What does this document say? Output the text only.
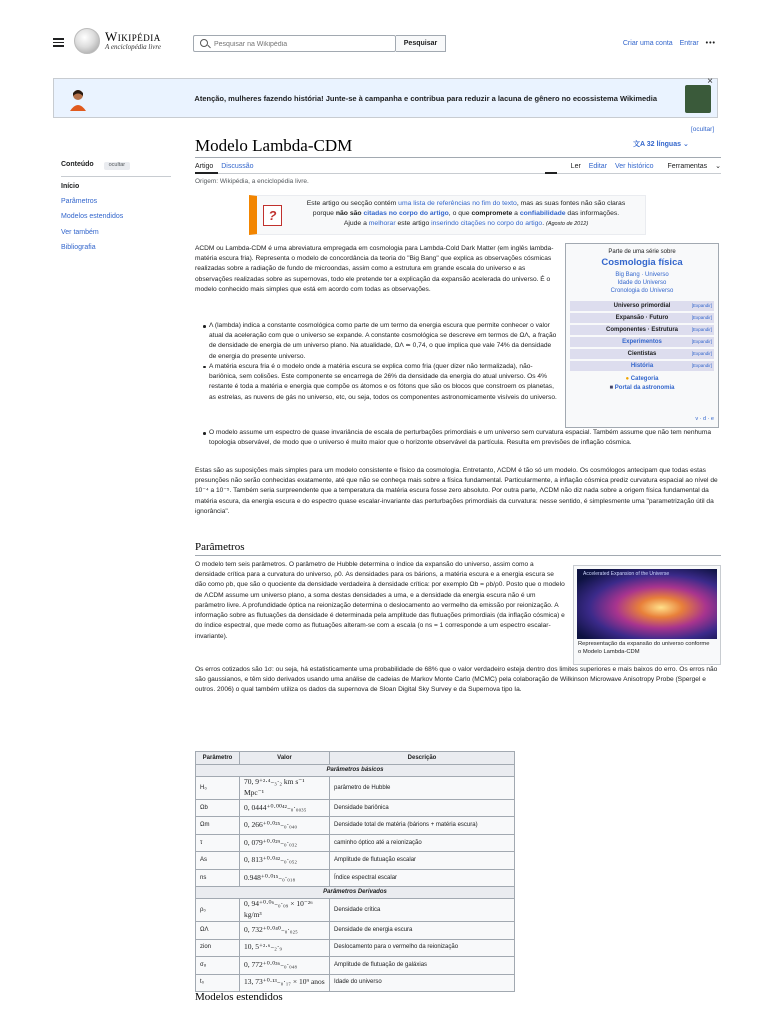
Wikipédia
A enciclopédia livre
Pesquisar na Wikipédia	Pesquisar	Criar uma conta Entrar •••
Atenção, mulheres fazendo história! Junte-se à campanha e contribua para reduzir a lacuna de gênero no ecossistema Wikimedia
×
Conteúdo	ocultar
Início
Parâmetros
Modelos estendidos
Ver também
Bibliografia
[ocultar]
Modelo Lambda-CDM	文A 32 línguas ⌄
Artigo Discussão	Ler Editar Ver histórico Ferramentas ⌄
Origem: Wikipédia, a enciclopédia livre.
?
Este artigo ou secção contém uma lista de referências no fim do texto, mas as suas fontes não são claras
porque não são citadas no corpo do artigo, o que compromete a confiabilidade das informações.
Ajude a melhorar este artigo inserindo citações no corpo do artigo. (Agosto de 2012)
Parte de uma série sobre
Cosmologia física
Big Bang · Universo
Idade do Universo
Cronologia do Universo
Universo primordial	[Expandir]
Expansão · Futuro	[Expandir]
Componentes · Estrutura	[Expandir]
Experimentos	[Expandir]
Cientistas	[Expandir]
História	[Expandir]
● Categoria
■ Portal da astronomia
v · d · e
ACDM ou Lambda-CDM é uma abreviatura empregada em cosmologia para Lambda-Cold Dark Matter (em inglês lambda-matéria escura fria). Representa o modelo de concordância da teoria do "Big Bang" que explica as observações cósmicas realizadas sobre a radiação de fundo de microondas, assim como a estrutura em grande escala do universo e as observações realizadas sobre as supernovas, todo ele pretende ter a explicação da expansão acelerada do universo. É o modelo conhecido mais simples que está em acordo com todas as observações.
Λ (lambda) indica a constante cosmológica como parte de um termo da energia escura que permite conhecer o valor atual da aceleração com que o universo se expande. A constante cosmológica se descreve em termos de ΩΛ, a fração de densidade de energia de um universo plano. Na atualidade, ΩΛ ≃ 0,74, o que implica que vale 74% da densidade de energia do presente universo.
A matéria escura fria é o modelo onde a matéria escura se explica como fria (quer dizer não termalizada), não-bariônica, sem colisões. Este componente se encarrega de 26% da densidade da energia do atual universo. Os 4% restante é toda a matéria e energia que compõe os átomos e os fótons que são os blocos que constroem os planetas, as estrelas, as nuvens de gás no universo, etc, ou seja, todos os componentes astronomicamente visíveis do universo.
O modelo assume um espectro de quase invariância de escala de perturbações primordiais e um universo sem curvatura espacial. Também assume que não tem nenhuma topologia observável, de modo que o universo é muito maior que o horizonte observável da partícula. Resulta em previsões de inflação cósmica.
Estas são as suposições mais simples para um modelo consistente e físico da cosmologia. Entretanto, ΛCDM é tão só um modelo. Os cosmólogos antecipam que todas estas presunções não serão conhecidas exatamente, até que não se conheça mais sobre a física fundamental. Particularmente, a inflação cósmica prediz curvatura espacial ao nível de 10⁻⁴ a 10⁻⁵. Também seria surpreendente que a temperatura da matéria escura fosse zero absoluto. Por outra parte, ΛCDM não diz nada sobre a origem física fundamental da matéria escura, da energia escura e do espectro quase escalar-invariante das perturbações primordiais da curvatura: nesse sentido, é simplesmente uma "parametrização útil da ignorância".
Parâmetros
O modelo tem seis parâmetros. O parâmetro de Hubble determina o índice da expansão do universo, assim como a densidade crítica para a curvatura do universo, ρ0. As densidades para os bárions, a matéria escura e a energia escura se dão como ρb, que são o quociente da densidade verdadeira à densidade crítica: por exemplo Ωb = ρb/ρ0. Posto que o modelo de ΛCDM assume um universo plano, a soma destas densidades a uma, e a densidade da energia escura não é um parâmetro livre. A profundidade óptica na reionização determina o deslocamento ao vermelho da emissão por reionização. A informação sobre as flutuações da densidade é determinada pela amplitude das flutuações primordiais (da inflação cósmica) e do índice espectral, que mede como as flutuações alteram-se com a escala (o ns = 1 corresponde a um espectro escalar-invariante).
Accelerated Expansion of the Universe
Representação da expansão do universo conforme o Modelo Lambda-CDM
Os erros cotizados são 1σ: ou seja, há estatisticamente uma probabilidade de 68% que o valor verdadeiro esteja dentro dos limites superiores e mais baixos do erro. Os erros não são gaussianos, e têm sido derivados usando uma análise de cadeias de Markov Monte Carlo (MCMC) pela colaboração de Wilkinson Microwave Anisotropy Probe (Spergel e outros. 2006) o qual também utiliza os dados da supernova de Sloan Digital Sky Survey e da Supernova tipo Ia.
Parâmetro	Valor	Descrição
Parâmetros básicos		
H₀	70, 9⁺²·⁴₋₃·₂ km s⁻¹ Mpc⁻¹	parâmetro de Hubble
Ωb	0, 0444⁺⁰·⁰⁰⁴²₋₀·₀₀₃₅	Densidade bariônica
Ωm	0, 266⁺⁰·⁰²⁵₋₀·₀₄₀	Densidade total de matéria (bárions + matéria escura)
τ	0, 079⁺⁰·⁰²⁹₋₀·₀₃₂	caminho óptico até a reionização
As	0, 813⁺⁰·⁰⁴²₋₀·₀₅₂	Amplitude de flutuação escalar
ns	0.948⁺⁰·⁰¹⁵₋₀·₀₁₈	Índice espectral escalar
Parâmetros Derivados		
ρ₀	0, 94⁺⁰·⁰⁶₋₀·₀₉ × 10⁻²⁶ kg/m³	Densidade crítica
ΩΛ	0, 732⁺⁰·⁰⁴⁰₋₀·₀₂₅	Densidade de energia escura
zion	10, 5⁺²·⁶₋₂·₉	Deslocamento para o vermelho da reionização
σ₈	0, 772⁺⁰·⁰³⁶₋₀·₀₄₈	Amplitude de flutuação de galáxias
t₀	13, 73⁺⁰·¹³₋₀·₁₇ × 10⁹ anos	Idade do universo
Modelos estendidos
